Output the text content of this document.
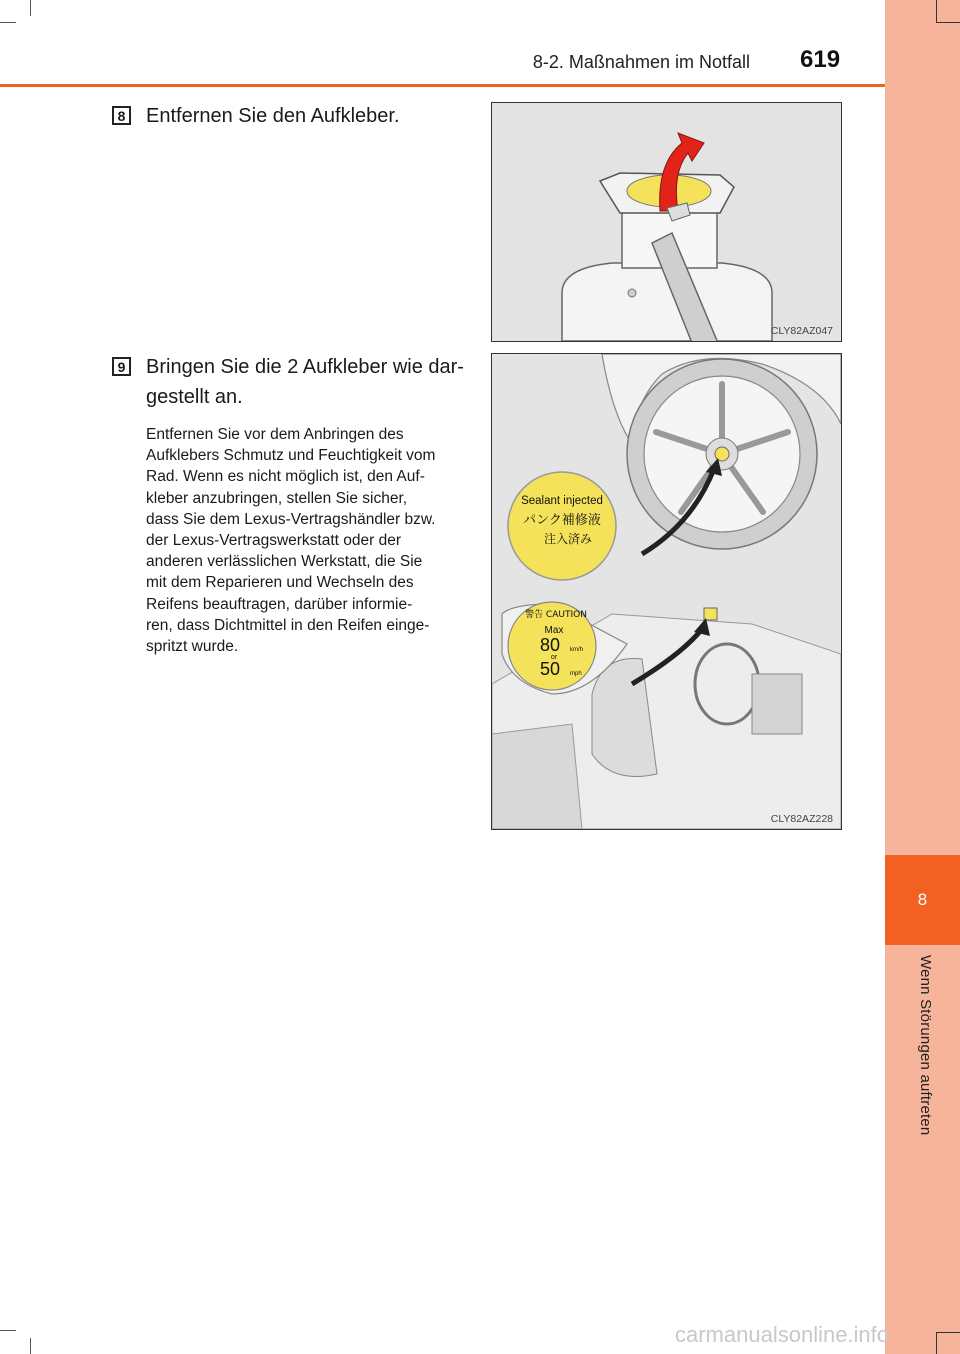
8
Wenn Störungen auftreten
8-2. Maßnahmen im Notfall 619
8 Entfernen Sie den Aufkleber.
CLY82AZ047
9 Bringen Sie die 2 Aufkleber wie dar-
gestellt an.
Entfernen Sie vor dem Anbringen des
Aufklebers Schmutz und Feuchtigkeit vom
Rad. Wenn es nicht möglich ist, den Auf-
kleber anzubringen, stellen Sie sicher,
dass Sie dem Lexus-Vertragshändler bzw.
der Lexus-Vertragswerkstatt oder der
anderen verlässlichen Werkstatt, die Sie
mit dem Reparieren und Wechseln des
Reifens beauftragen, darüber informie-
ren, dass Dichtmittel in den Reifen einge-
spritzt wurde.
Sealant injected
パンク補修液
注入済み
警告 CAUTION
Max
80 km/h
or
50 mph
CLY82AZ228
carmanualsonline.info
